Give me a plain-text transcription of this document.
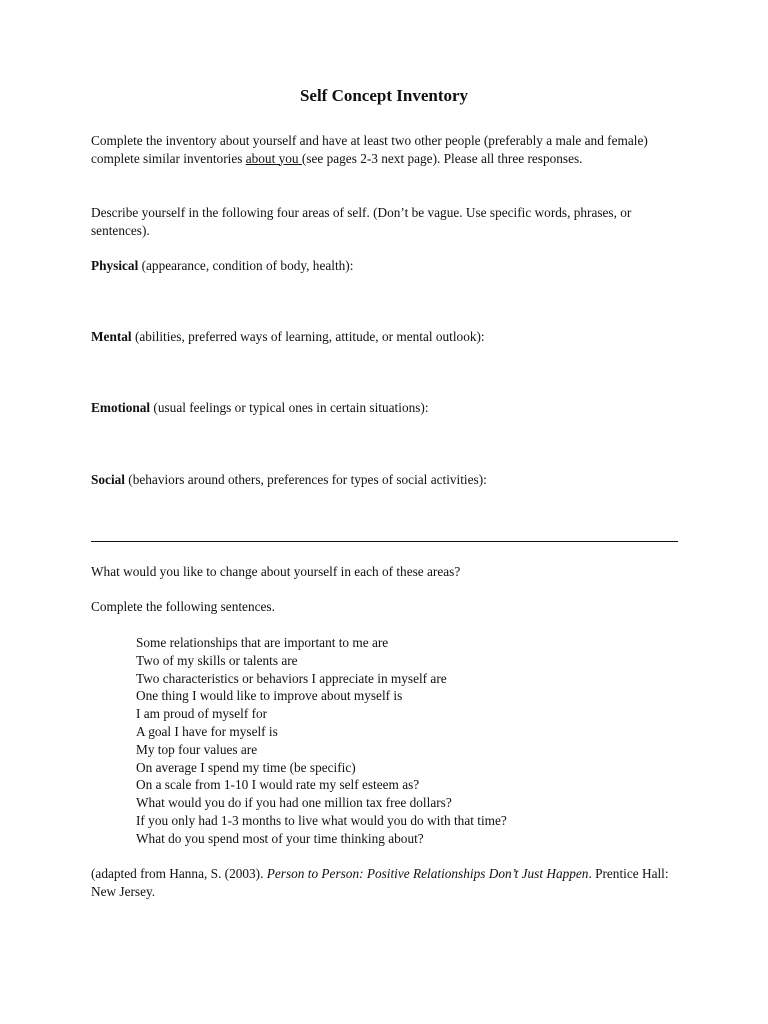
Self Concept Inventory

Complete the inventory about yourself and have at least two other people (preferably a male and female) complete similar inventories about you (see pages 2-3 next page). Please all three responses.

Describe yourself in the following four areas of self. (Don’t be vague. Use specific words, phrases, or sentences).

Physical (appearance, condition of body, health):

Mental (abilities, preferred ways of learning, attitude, or mental outlook):

Emotional (usual feelings or typical ones in certain situations):

Social (behaviors around others, preferences for types of social activities):

What would you like to change about yourself in each of these areas?

Complete the following sentences.

Some relationships that are important to me are
Two of my skills or talents are
Two characteristics or behaviors I appreciate in myself are
One thing I would like to improve about myself is
I am proud of myself for
A goal I have for myself is
My top four values are
On average I spend my time (be specific)
On a scale from 1-10 I would rate my self esteem as?
What would you do if you had one million tax free dollars?
If you only had 1-3 months to live what would you do with that time?
What do you spend most of your time thinking about?

(adapted from Hanna, S. (2003). Person to Person: Positive Relationships Don’t Just Happen. Prentice Hall: New Jersey.
